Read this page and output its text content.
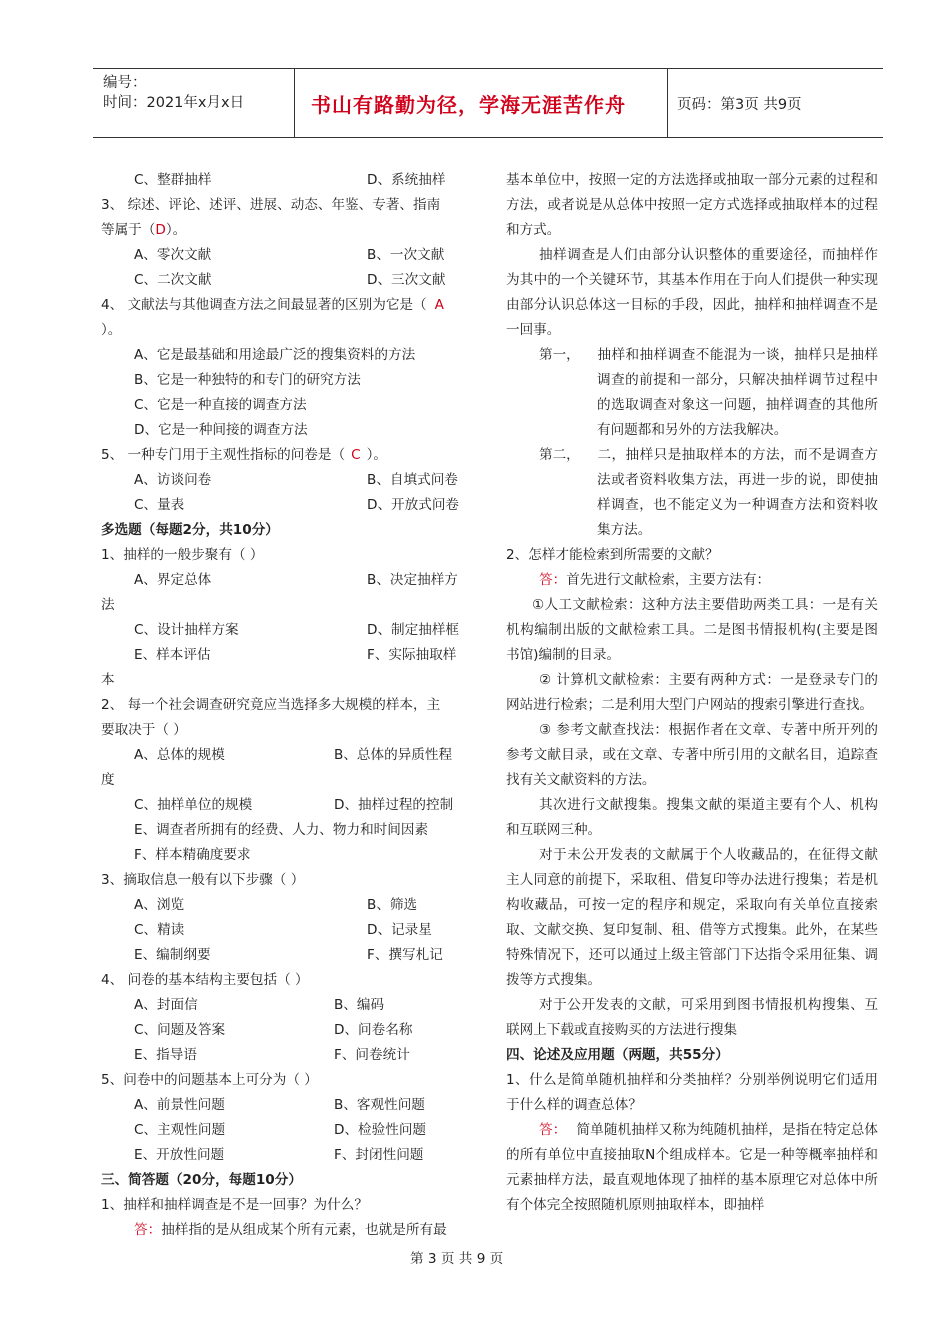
编号：
时间：2021年x月x日	书山有路勤为径，学海无涯苦作舟	页码：第3页 共9页
C、整群抽样	D、系统抽样
3、 综述、评论、述评、进展、动态、年鉴、专著、指南
等属于（D）。
A、零次文献	B、一次文献
C、二次文献	D、三次文献
4、 文献法与其他调查方法之间最显著的区别为它是（ A
）。
A、它是最基础和用途最广泛的搜集资料的方法
B、它是一种独特的和专门的研究方法
C、它是一种直接的调查方法
D、它是一种间接的调查方法
5、 一种专门用于主观性指标的问卷是（ C ）。
A、访谈问卷	B、自填式问卷
C、量表	D、开放式问卷
多选题（每题2分，共10分）
1、抽样的一般步聚有（ ）
A、界定总体	B、决定抽样方
法
C、设计抽样方案	D、制定抽样框
E、样本评估	F、实际抽取样
本
2、 每一个社会调查研究竟应当选择多大规模的样本，主
要取决于（ ）
A、总体的规模	B、总体的异质性程
度
C、抽样单位的规模	D、抽样过程的控制
E、调查者所拥有的经费、人力、物力和时间因素
F、样本精确度要求
3、摘取信息一般有以下步骤（ ）
A、浏览	B、筛选
C、精读	D、记录星
E、编制纲要	F、撰写札记
4、 问卷的基本结构主要包括（ ）
A、封面信	B、编码
C、问题及答案	D、问卷名称
E、指导语	F、问卷统计
5、问卷中的问题基本上可分为（ ）
A、前景性问题	B、客观性问题
C、主观性问题	D、检验性问题
E、开放性问题	F、封闭性问题
三、简答题（20分，每题10分）
1、抽样和抽样调查是不是一回事？为什么？
答：抽样指的是从组成某个所有元素，也就是所有最
基本单位中，按照一定的方法选择或抽取一部分元素的过程和方法，或者说是从总体中按照一定方式选择或抽取样本的过程和方式。
抽样调查是人们由部分认识整体的重要途径，而抽样作为其中的一个关键环节，其基本作用在于向人们提供一种实现由部分认识总体这一目标的手段，因此，抽样和抽样调查不是一回事。
第一， 抽样和抽样调查不能混为一谈，抽样只是抽样调查的前提和一部分，只解决抽样调节过程中的选取调查对象这一问题，抽样调查的其他所有问题都和另外的方法我解决。
第二， 二，抽样只是抽取样本的方法，而不是调查方法或者资料收集方法，再进一步的说，即使抽样调查，也不能定义为一种调查方法和资料收集方法。
2、怎样才能检索到所需要的文献？
答：首先进行文献检索，主要方法有：
①人工文献检索：这种方法主要借助两类工具：一是有关机构编制出版的文献检索工具。二是图书情报机构(主要是图书馆)编制的目录。
② 计算机文献检索：主要有两种方式：一是登录专门的网站进行检索；二是利用大型门户网站的搜索引擎进行查找。
③ 参考文献查找法：根据作者在文章、专著中所开列的参考文献目录，或在文章、专著中所引用的文献名目，追踪查找有关文献资料的方法。
其次进行文献搜集。搜集文献的渠道主要有个人、机构和互联网三种。
对于未公开发表的文献属于个人收藏品的，在征得文献主人同意的前提下，采取租、借复印等办法进行搜集；若是机构收藏品，可按一定的程序和规定，采取向有关单位直接索取、文献交换、复印复制、租、借等方式搜集。此外，在某些特殊情况下，还可以通过上级主管部门下达指令采用征集、调拨等方式搜集。
对于公开发表的文献，可采用到图书情报机构搜集、互联网上下载或直接购买的方法进行搜集
四、论述及应用题（两题，共55分）
1、什么是简单随机抽样和分类抽样？分别举例说明它们适用于什么样的调查总体？
答： 简单随机抽样又称为纯随机抽样，是指在特定总体的所有单位中直接抽取N个组成样本。它是一种等概率抽样和元素抽样方法，最直观地体现了抽样的基本原理它对总体中所有个体完全按照随机原则抽取样本，即抽样
第 3 页 共 9 页
